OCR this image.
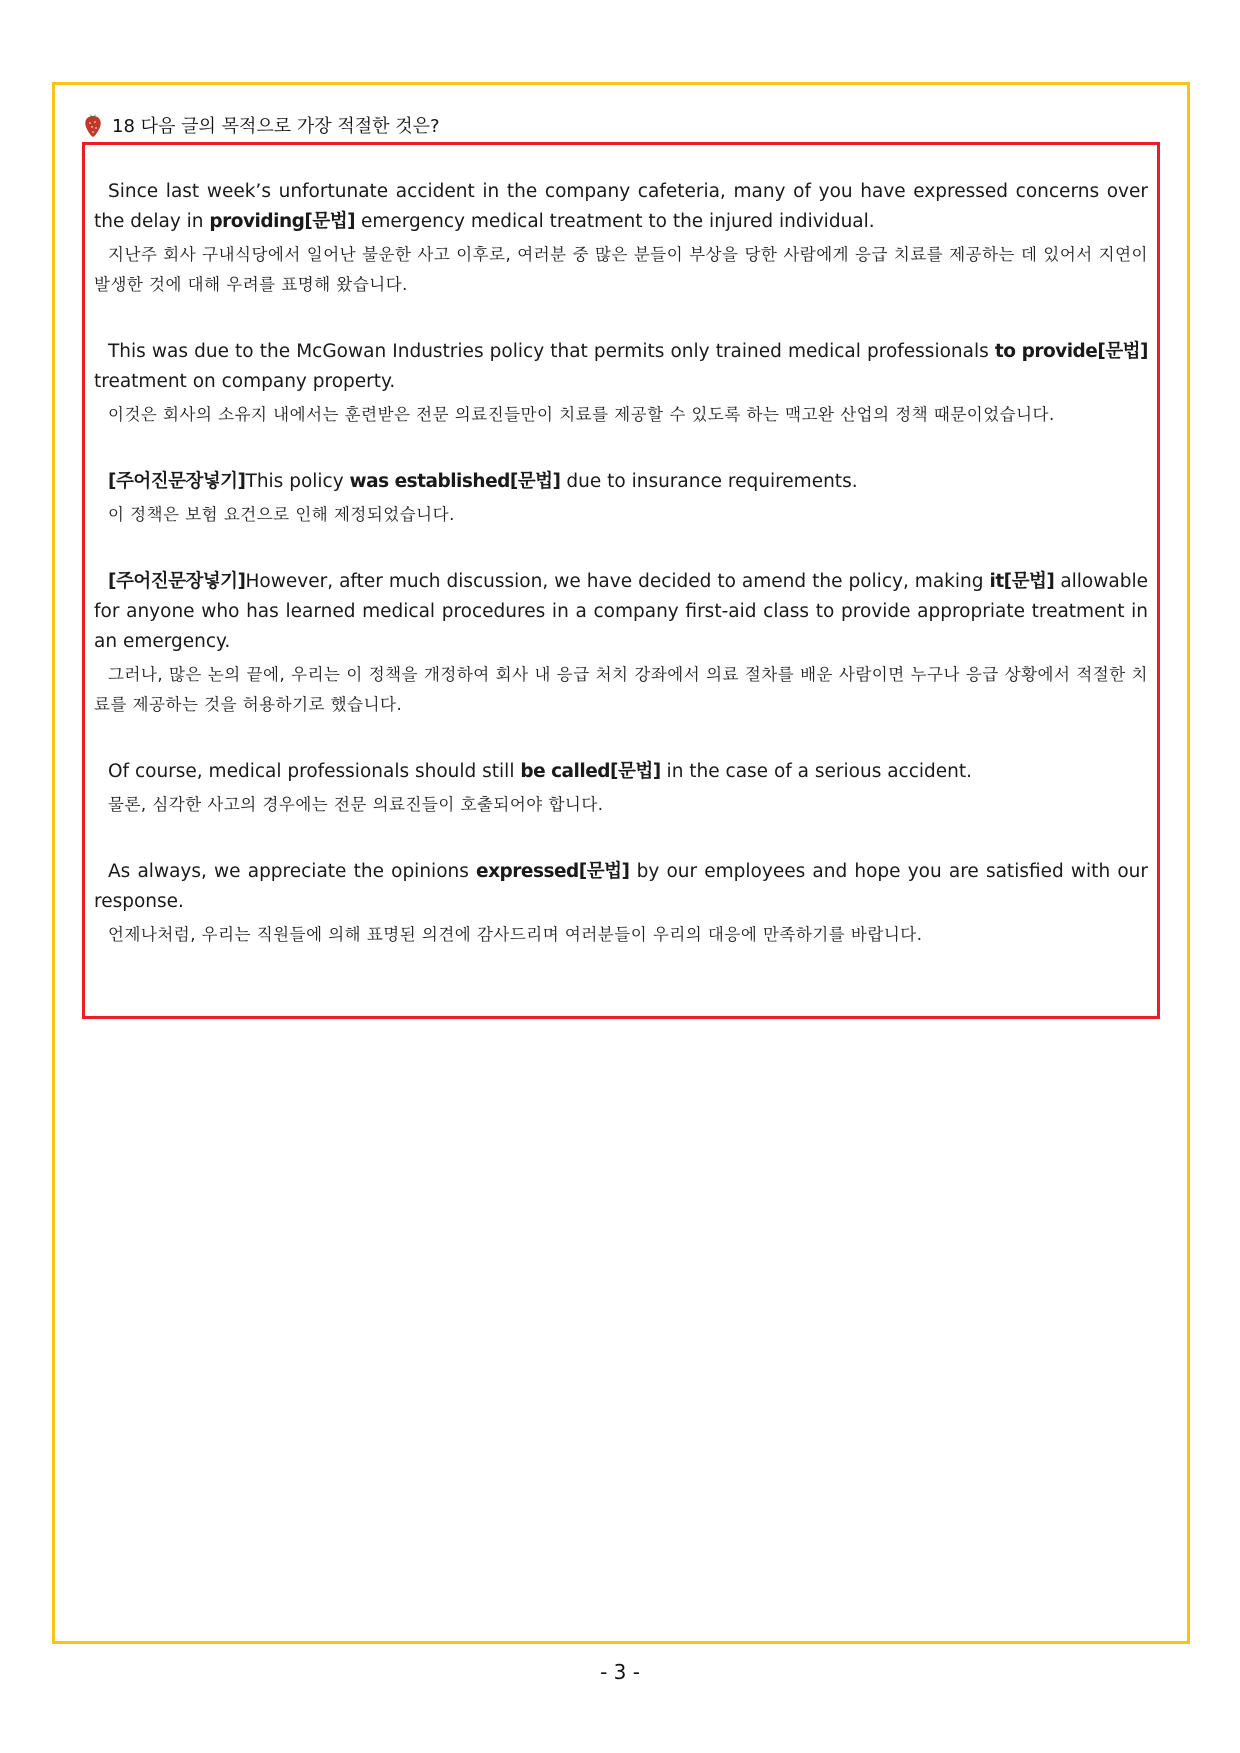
18 다음 글의 목적으로 가장 적절한 것은?

Since last week’s unfortunate accident in the company cafeteria, many of you have expressed concerns over the delay in providing[문법] emergency medical treatment to the injured individual.

지난주 회사 구내식당에서 일어난 불운한 사고 이후로, 여러분 중 많은 분들이 부상을 당한 사람에게 응급 치료를 제공하는 데 있어서 지연이 발생한 것에 대해 우려를 표명해 왔습니다.

This was due to the McGowan Industries policy that permits only trained medical professionals to provide[문법] treatment on company property.

이것은 회사의 소유지 내에서는 훈련받은 전문 의료진들만이 치료를 제공할 수 있도록 하는 맥고완 산업의 정책 때문이었습니다.

[주어진문장넣기]This policy was established[문법] due to insurance requirements.

이 정책은 보험 요건으로 인해 제정되었습니다.

[주어진문장넣기]However, after much discussion, we have decided to amend the policy, making it[문법] allowable for anyone who has learned medical procedures in a company first-aid class to provide appropriate treatment in an emergency.

그러나, 많은 논의 끝에, 우리는 이 정책을 개정하여 회사 내 응급 처치 강좌에서 의료 절차를 배운 사람이면 누구나 응급 상황에서 적절한 치료를 제공하는 것을 허용하기로 했습니다.

Of course, medical professionals should still be called[문법] in the case of a serious accident.

물론, 심각한 사고의 경우에는 전문 의료진들이 호출되어야 합니다.

As always, we appreciate the opinions expressed[문법] by our employees and hope you are satisfied with our response.

언제나처럼, 우리는 직원들에 의해 표명된 의견에 감사드리며 여러분들이 우리의 대응에 만족하기를 바랍니다.

- 3 -
